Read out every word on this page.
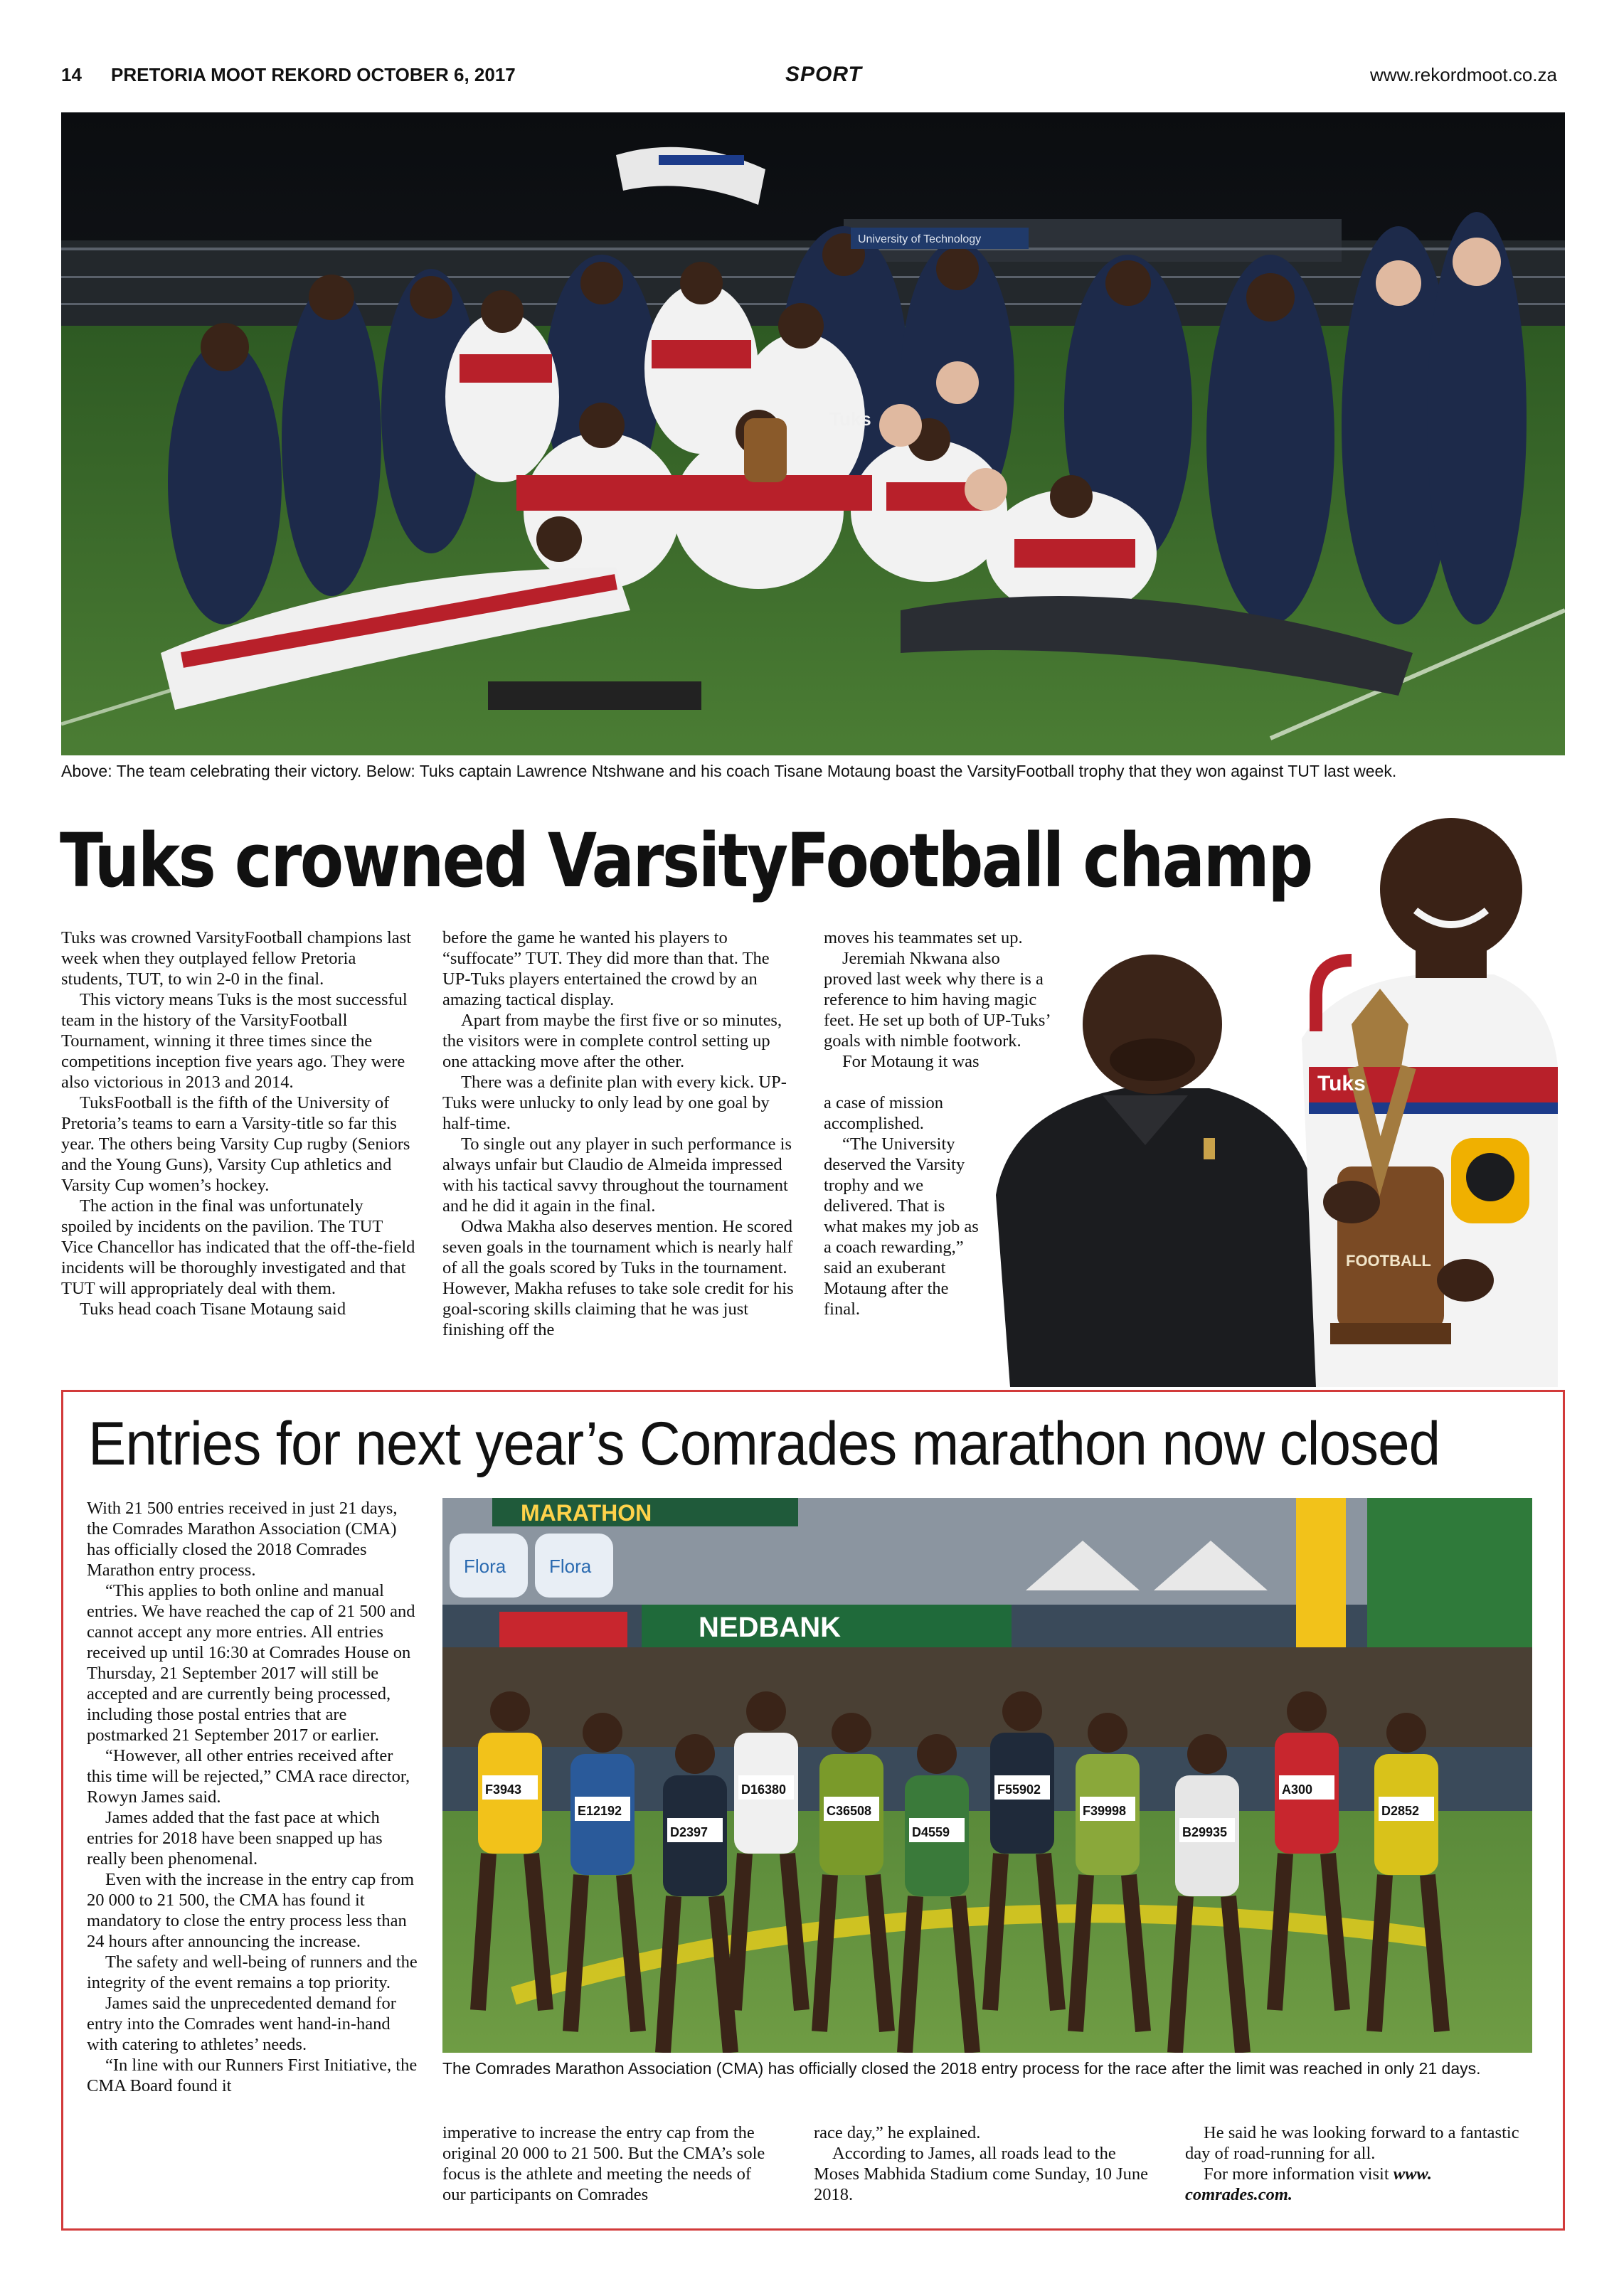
14 PRETORIA MOOT REKORD OCTOBER 6, 2017	SPORT	www.rekordmoot.co.za
University of Technology
Tuks
Above: The team celebrating their victory. Below: Tuks captain Lawrence Ntshwane and his coach Tisane Motaung boast the VarsityFootball trophy that they won against TUT last week.
Tuks crowned VarsityFootball champ

Tuks was crowned VarsityFootball champions last week when they outplayed fellow Pretoria students, TUT, to win 2-0 in the final.

This victory means Tuks is the most successful team in the history of the VarsityFootball Tournament, winning it three times since the competitions inception five years ago. They were also victorious in 2013 and 2014.

TuksFootball is the fifth of the University of Pretoria’s teams to earn a Varsity-title so far this year. The others being Varsity Cup rugby (Seniors and the Young Guns), Varsity Cup athletics and Varsity Cup women’s hockey.

The action in the final was unfortunately spoiled by incidents on the pavilion. The TUT Vice Chancellor has indicated that the off-the-field incidents will be thoroughly investigated and that TUT will appropriately deal with them.

Tuks head coach Tisane Motaung said

before the game he wanted his players to “suffocate” TUT. They did more than that. The UP-Tuks players entertained the crowd by an amazing tactical display.

Apart from maybe the first five or so minutes, the visitors were in complete control setting up one attacking move after the other.

There was a definite plan with every kick. UP-Tuks were unlucky to only lead by one goal by half-time.

To single out any player in such performance is always unfair but Claudio de Almeida impressed with his tactical savvy throughout the tournament and he did it again in the final.

Odwa Makha also deserves mention. He scored seven goals in the tournament which is nearly half of all the goals scored by Tuks in the tournament. However, Makha refuses to take sole credit for his goal-scoring skills claiming that he was just finishing off the

moves his teammates set up.

Jeremiah Nkwana also proved last week why there is a reference to him having magic feet. He set up both of UP-Tuks’ goals with nimble footwork.

For Motaung it was

a case of mission accomplished.

“The University deserved the Varsity trophy and we delivered. That is what makes my job as a coach rewarding,” said an exuberant Motaung after the final.

FOOTBALL
Tuks
Entries for next year’s Comrades marathon now closed

With 21 500 entries received in just 21 days, the Comrades Marathon Association (CMA) has officially closed the 2018 Comrades Marathon entry process.

“This applies to both online and manual entries. We have reached the cap of 21 500 and cannot accept any more entries. All entries received up until 16:30 at Comrades House on Thursday, 21 September 2017 will still be accepted and are currently being processed, including those postal entries that are postmarked 21 September 2017 or earlier.

“However, all other entries received after this time will be rejected,” CMA race director, Rowyn James said.

James added that the fast pace at which entries for 2018 have been snapped up has really been phenomenal.

Even with the increase in the entry cap from 20 000 to 21 500, the CMA has found it mandatory to close the entry process less than 24 hours after announcing the increase.

The safety and well-being of runners and the integrity of the event remains a top priority.

James said the unprecedented demand for entry into the Comrades went hand-in-hand with catering to athletes’ needs.

“In line with our Runners First Initiative, the CMA Board found it

MARATHON
Flora Flora
NEDBANK
F3943
E12192
D2397
D16380
C36508
D4559
F55902
F39998
B29935
A300
D2852
The Comrades Marathon Association (CMA) has officially closed the 2018 entry process for the race after the limit was reached in only 21 days.

imperative to increase the entry cap from the original 20 000 to 21 500. But the CMA’s sole focus is the athlete and meeting the needs of our participants on Comrades

race day,” he explained.

According to James, all roads lead to the Moses Mabhida Stadium come Sunday, 10 June 2018.

He said he was looking forward to a fantastic day of road-running for all.

For more information visit www. comrades.com.
